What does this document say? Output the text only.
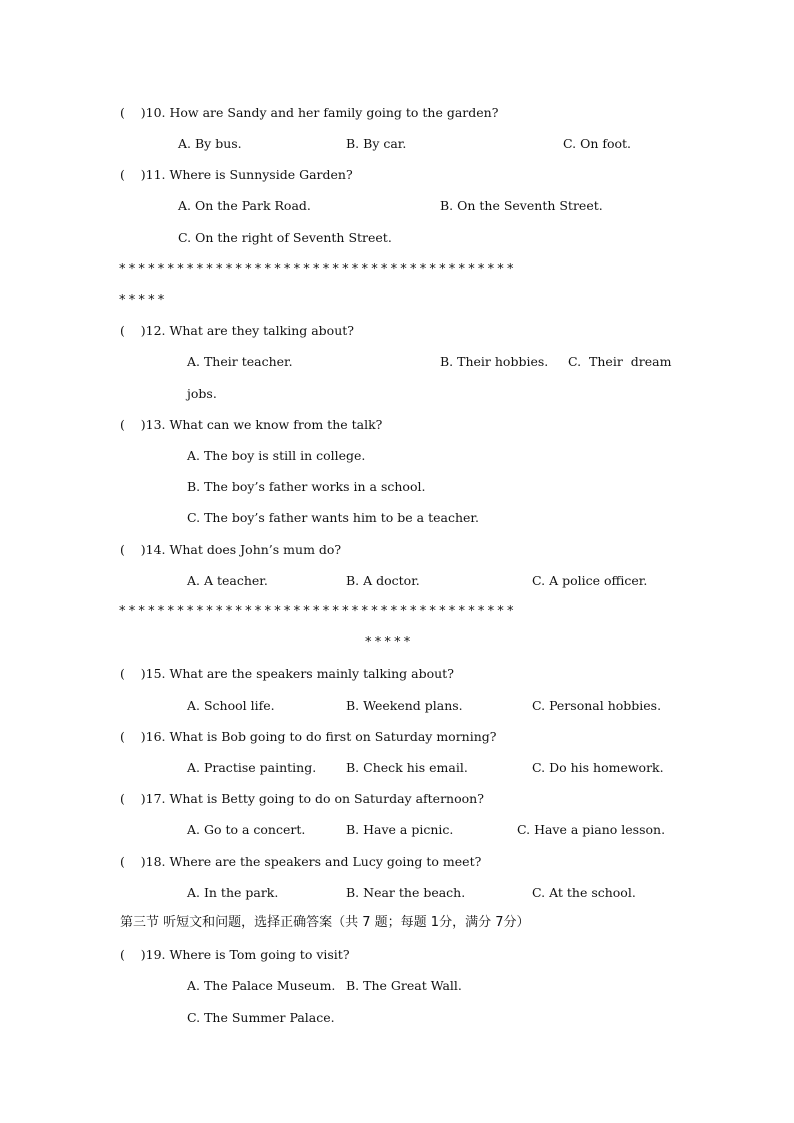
(    )10. How are Sandy and her family going to the garden?
A. By bus.	B. By car.	C. On foot.
(    )11. Where is Sunnyside Garden?
A. On the Park Road.	B. On the Seventh Street.
C. On the right of Seventh Street.
*****************************************
*****
(    )12. What are they talking about?
A. Their teacher.	B. Their hobbies. C.  Their  dream
jobs.
(    )13. What can we know from the talk?
A. The boy is still in college.
B. The boy’s father works in a school.
C. The boy’s father wants him to be a teacher.
(    )14. What does John’s mum do?
A. A teacher.	B. A doctor.	C. A police officer.
*****************************************
*****
(    )15. What are the speakers mainly talking about?
A. School life.	B. Weekend plans.	C. Personal hobbies.
(    )16. What is Bob going to do first on Saturday morning?
A. Practise painting. B. Check his email.	C. Do his homework.
(    )17. What is Betty going to do on Saturday afternoon?
A. Go to a concert.	B. Have a picnic.	C. Have a piano lesson.
(    )18. Where are the speakers and Lucy going to meet?
A. In the park.	B. Near the beach.	C. At the school.
第三节 听短文和问题，选择正确答案（共 7 题；每题 1分，满分 7分）
(    )19. Where is Tom going to visit?
A. The Palace Museum. B. The Great Wall.
C. The Summer Palace.
